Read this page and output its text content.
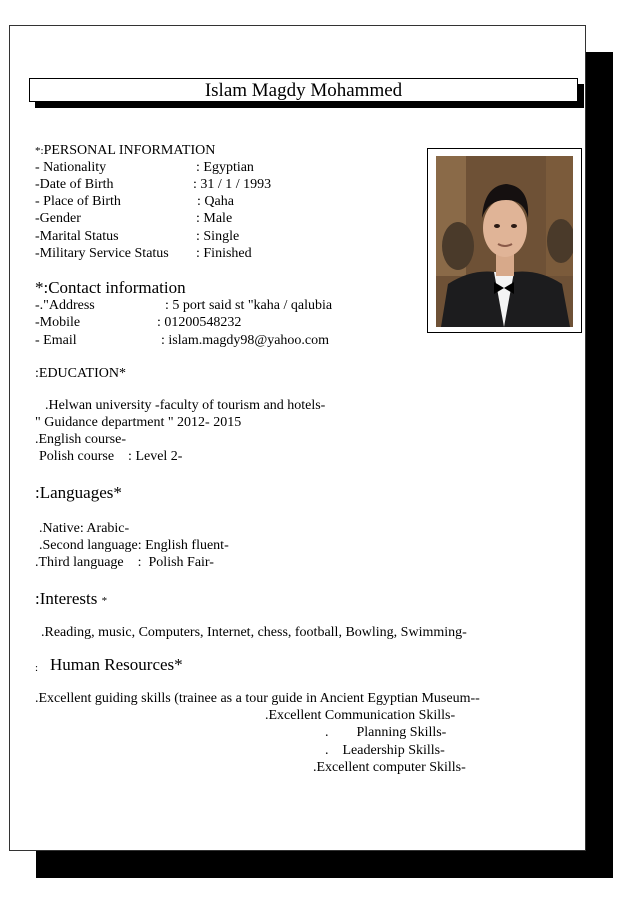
Islam Magdy Mohammed
*:PERSONAL INFORMATION
- Nationality	: Egyptian
-Date of Birth	: 31 / 1 / 1993
- Place of Birth	: Qaha
-Gender	: Male
-Marital Status	: Single
-Military Service Status : Finished
*:Contact information
-."Address	: 5 port said st "kaha / qalubia
-Mobile	: 01200548232
- Email	: islam.magdy98@yahoo.com
:EDUCATION*
.Helwan university -faculty of tourism and hotels-
" Guidance department " 2012- 2015
.English course-
Polish course    : Level 2-
:Languages*
.Native: Arabic-
.Second language: English fluent-
.Third language    :  Polish Fair-
:Interests *
.Reading, music, Computers, Internet, chess, football, Bowling, Swimming-
: Human Resources*
.Excellent guiding skills (trainee as a tour guide in Ancient Egyptian Museum--
.Excellent Communication Skills-
.        Planning Skills-
.    Leadership Skills-
.Excellent computer Skills-
